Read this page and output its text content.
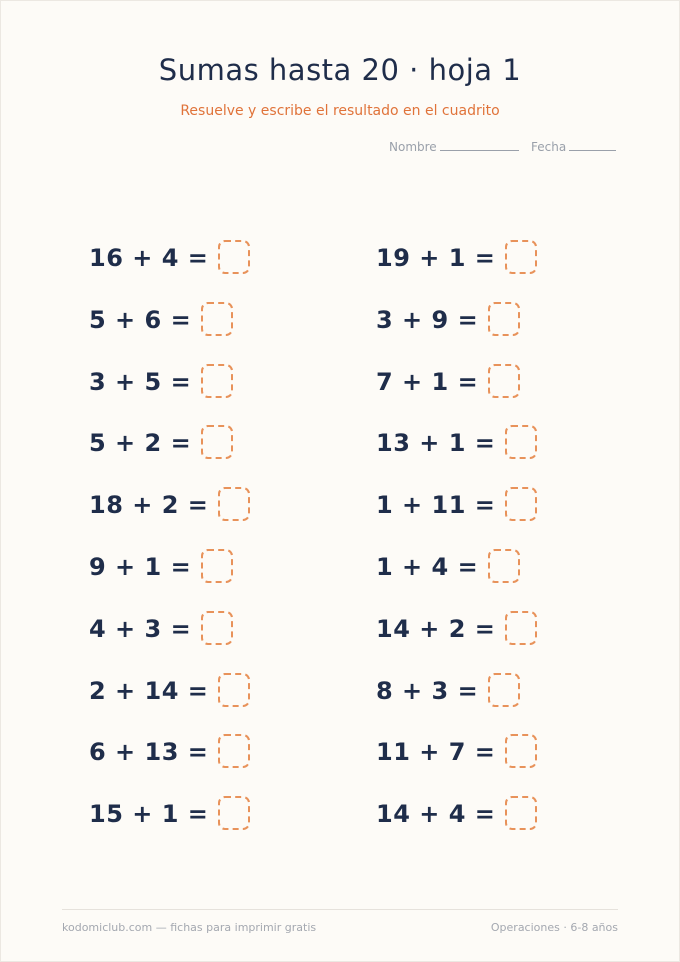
Sumas hasta 20 · hoja 1
Resuelve y escribe el resultado en el cuadrito
Nombre	Fecha
16 + 4 =
5 + 6 =
3 + 5 =
5 + 2 =
18 + 2 =
9 + 1 =
4 + 3 =
2 + 14 =
6 + 13 =
15 + 1 =
19 + 1 =
3 + 9 =
7 + 1 =
13 + 1 =
1 + 11 =
1 + 4 =
14 + 2 =
8 + 3 =
11 + 7 =
14 + 4 =
kodomiclub.com — fichas para imprimir gratis	Operaciones · 6-8 años
